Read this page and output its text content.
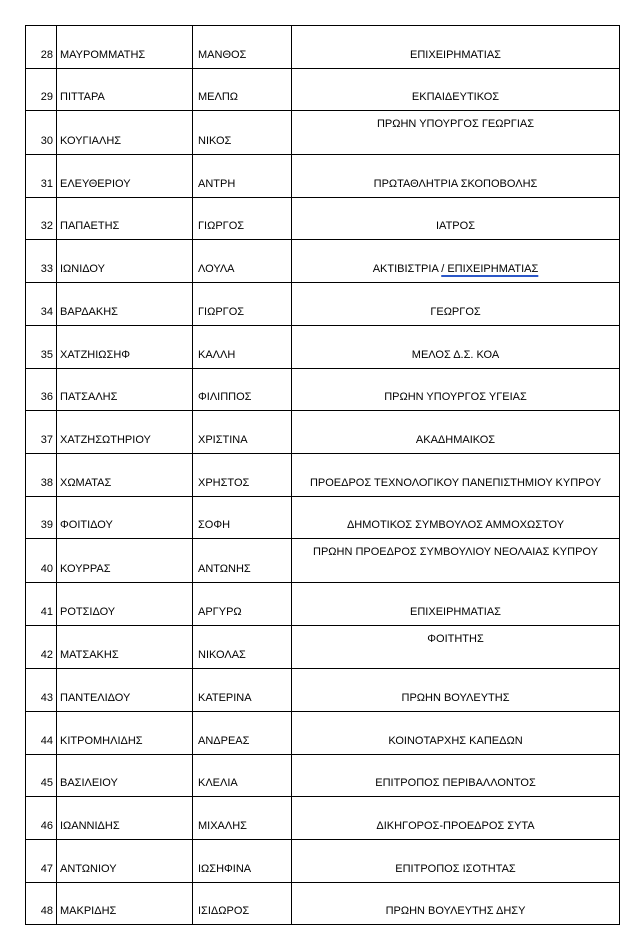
28	ΜΑΥΡΟΜΜΑΤΗΣ	ΜΑΝΘΟΣ	ΕΠΙΧΕΙΡΗΜΑΤΙΑΣ
29	ΠΙΤΤΑΡΑ	ΜΕΛΠΩ	ΕΚΠΑΙΔΕΥΤΙΚΟΣ
30	ΚΟΥΓΙΑΛΗΣ	ΝΙΚΟΣ	ΠΡΩΗΝ ΥΠΟΥΡΓΟΣ ΓΕΩΡΓΙΑΣ
31	ΕΛΕΥΘΕΡΙΟΥ	ΑΝΤΡΗ	ΠΡΩΤΑΘΛΗΤΡΙΑ ΣΚΟΠΟΒΟΛΗΣ
32	ΠΑΠΑΕΤΗΣ	ΓΙΩΡΓΟΣ	ΙΑΤΡΟΣ
33	ΙΩΝΙΔΟΥ	ΛΟΥΛΑ	ΑΚΤΙΒΙΣΤΡΙΑ / ΕΠΙΧΕΙΡΗΜΑΤΙΑΣ
34	ΒΑΡΔΑΚΗΣ	ΓΙΩΡΓΟΣ	ΓΕΩΡΓΟΣ
35	ΧΑΤΖΗΙΩΣΗΦ	ΚΑΛΛΗ	ΜΕΛΟΣ Δ.Σ. ΚΟΑ
36	ΠΑΤΣΑΛΗΣ	ΦΙΛΙΠΠΟΣ	ΠΡΩΗΝ ΥΠΟΥΡΓΟΣ ΥΓΕΙΑΣ
37	ΧΑΤΖΗΣΩΤΗΡΙΟΥ	ΧΡΙΣΤΙΝΑ	ΑΚΑΔΗΜΑΙΚΟΣ
38	ΧΩΜΑΤΑΣ	ΧΡΗΣΤΟΣ	ΠΡΟΕΔΡΟΣ ΤΕΧΝΟΛΟΓΙΚΟΥ ΠΑΝΕΠΙΣΤΗΜΙΟΥ ΚΥΠΡΟΥ
39	ΦΟΙΤΙΔΟΥ	ΣΟΦΗ	ΔΗΜΟΤΙΚΟΣ ΣΥΜΒΟΥΛΟΣ ΑΜΜΟΧΩΣΤΟΥ
40	ΚΟΥΡΡΑΣ	ΑΝΤΩΝΗΣ	ΠΡΩΗΝ ΠΡΟΕΔΡΟΣ ΣΥΜΒΟΥΛΙΟΥ ΝΕΟΛΑΙΑΣ ΚΥΠΡΟΥ
41	ΡΟΤΣΙΔΟΥ	ΑΡΓΥΡΩ	ΕΠΙΧΕΙΡΗΜΑΤΙΑΣ
42	ΜΑΤΣΑΚΗΣ	ΝΙΚΟΛΑΣ	ΦΟΙΤΗΤΗΣ
43	ΠΑΝΤΕΛΙΔΟΥ	ΚΑΤΕΡΙΝΑ	ΠΡΩΗΝ ΒΟΥΛΕΥΤΗΣ
44	ΚΙΤΡΟΜΗΛΙΔΗΣ	ΑΝΔΡΕΑΣ	ΚΟΙΝΟΤΑΡΧΗΣ ΚΑΠΕΔΩΝ
45	ΒΑΣΙΛΕΙΟΥ	ΚΛΕΛΙΑ	ΕΠΙΤΡΟΠΟΣ ΠΕΡΙΒΑΛΛΟΝΤΟΣ
46	ΙΩΑΝΝΙΔΗΣ	ΜΙΧΑΛΗΣ	ΔΙΚΗΓΟΡΟΣ-ΠΡΟΕΔΡΟΣ ΣΥΤΑ
47	ΑΝΤΩΝΙΟΥ	ΙΩΣΗΦΙΝΑ	ΕΠΙΤΡΟΠΟΣ ΙΣΟΤΗΤΑΣ
48	ΜΑΚΡΙΔΗΣ	ΙΣΙΔΩΡΟΣ	ΠΡΩΗΝ ΒΟΥΛΕΥΤΗΣ ΔΗΣΥ
